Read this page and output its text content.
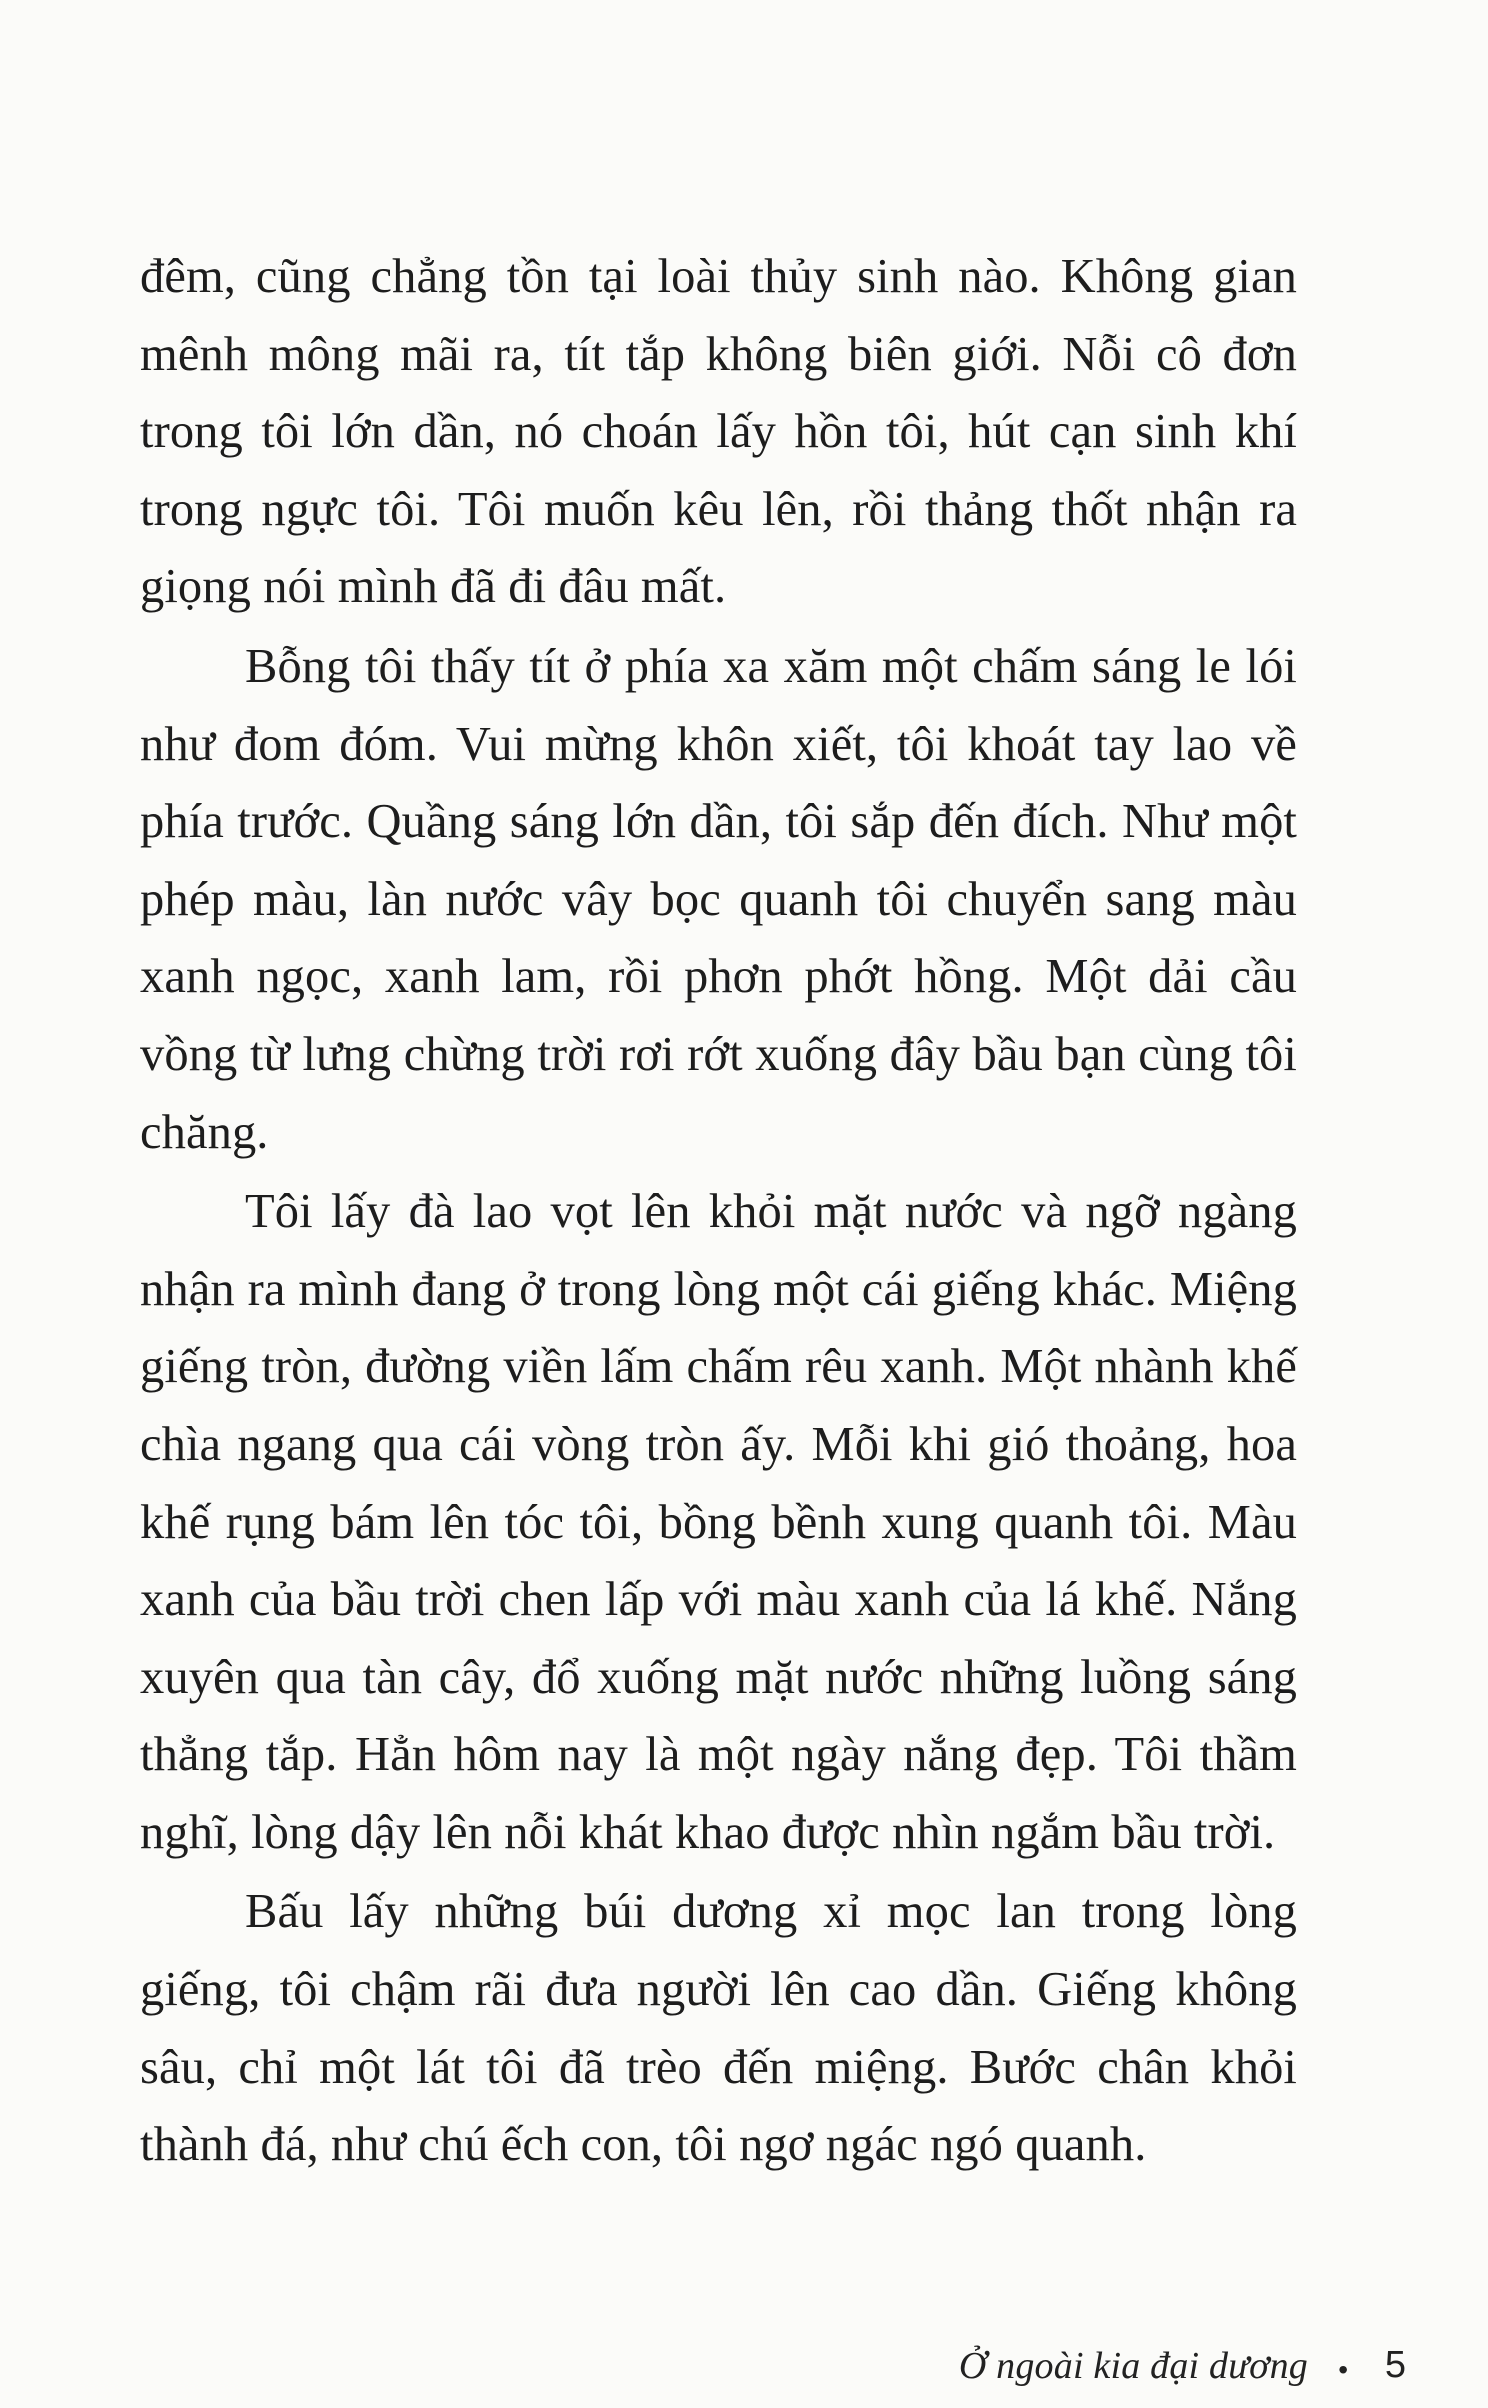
đêm, cũng chẳng tồn tại loài thủy sinh nào. Không gian mênh mông mãi ra, tít tắp không biên giới. Nỗi cô đơn trong tôi lớn dần, nó choán lấy hồn tôi, hút cạn sinh khí trong ngực tôi. Tôi muốn kêu lên, rồi thảng thốt nhận ra giọng nói mình đã đi đâu mất.

Bỗng tôi thấy tít ở phía xa xăm một chấm sáng le lói như đom đóm. Vui mừng khôn xiết, tôi khoát tay lao về phía trước. Quầng sáng lớn dần, tôi sắp đến đích. Như một phép màu, làn nước vây bọc quanh tôi chuyển sang màu xanh ngọc, xanh lam, rồi phơn phớt hồng. Một dải cầu vồng từ lưng chừng trời rơi rớt xuống đây bầu bạn cùng tôi chăng.

Tôi lấy đà lao vọt lên khỏi mặt nước và ngỡ ngàng nhận ra mình đang ở trong lòng một cái giếng khác. Miệng giếng tròn, đường viền lấm chấm rêu xanh. Một nhành khế chìa ngang qua cái vòng tròn ấy. Mỗi khi gió thoảng, hoa khế rụng bám lên tóc tôi, bồng bềnh xung quanh tôi. Màu xanh của bầu trời chen lấp với màu xanh của lá khế. Nắng xuyên qua tàn cây, đổ xuống mặt nước những luồng sáng thẳng tắp. Hẳn hôm nay là một ngày nắng đẹp. Tôi thầm nghĩ, lòng dậy lên nỗi khát khao được nhìn ngắm bầu trời.

Bấu lấy những búi dương xỉ mọc lan trong lòng giếng, tôi chậm rãi đưa người lên cao dần. Giếng không sâu, chỉ một lát tôi đã trèo đến miệng. Bước chân khỏi thành đá, như chú ếch con, tôi ngơ ngác ngó quanh.

Ở ngoài kia đại dương • 5
